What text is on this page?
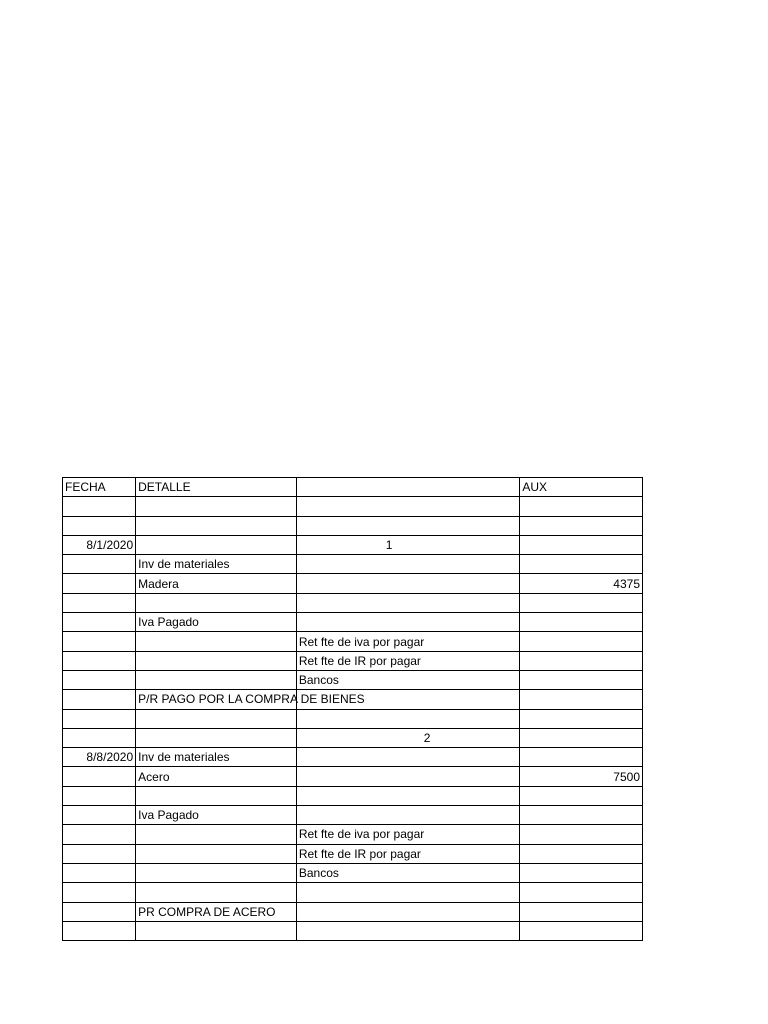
FECHA	DETALLE		AUX

8/1/2020		1	
	Inv de materiales		
	Madera		4375

	Iva Pagado		
		Ret fte de iva por pagar	
		Ret fte de IR por pagar	
		Bancos	
	P/R PAGO POR LA COMPRA DE BIENES		

		2	
8/8/2020	Inv de materiales		
	Acero		7500

	Iva Pagado		
		Ret fte de iva por pagar	
		Ret fte de IR por pagar	
		Bancos	

	PR COMPRA DE ACERO		
